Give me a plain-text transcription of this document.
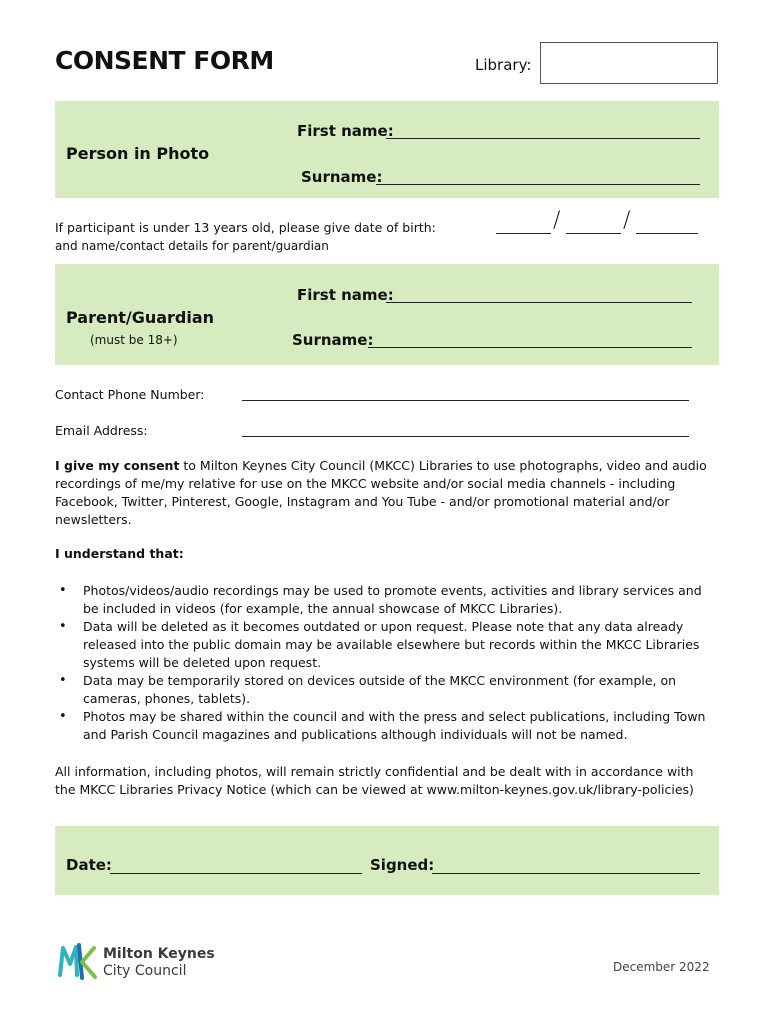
CONSENT FORM	Library:
Person in Photo
First name:
Surname:
If participant is under 13 years old, please give date of birth:
and name/contact details for parent/guardian
/	/
Parent/Guardian
(must be 18+)
First name:
Surname:
Contact Phone Number:
Email Address:
I give my consent to Milton Keynes City Council (MKCC) Libraries to use photographs, video and audio
recordings of me/my relative for use on the MKCC website and/or social media channels - including
Facebook, Twitter, Pinterest, Google, Instagram and You Tube - and/or promotional material and/or
newsletters.
I understand that:
• Photos/videos/audio recordings may be used to promote events, activities and library services and
be included in videos (for example, the annual showcase of MKCC Libraries).
• Data will be deleted as it becomes outdated or upon request. Please note that any data already
released into the public domain may be available elsewhere but records within the MKCC Libraries
systems will be deleted upon request.
• Data may be temporarily stored on devices outside of the MKCC environment (for example, on
cameras, phones, tablets).
• Photos may be shared within the council and with the press and select publications, including Town
and Parish Council magazines and publications although individuals will not be named.
All information, including photos, will remain strictly confidential and be dealt with in accordance with
the MKCC Libraries Privacy Notice (which can be viewed at www.milton-keynes.gov.uk/library-policies)
Date:	Signed:
Milton Keynes
City Council	December 2022
